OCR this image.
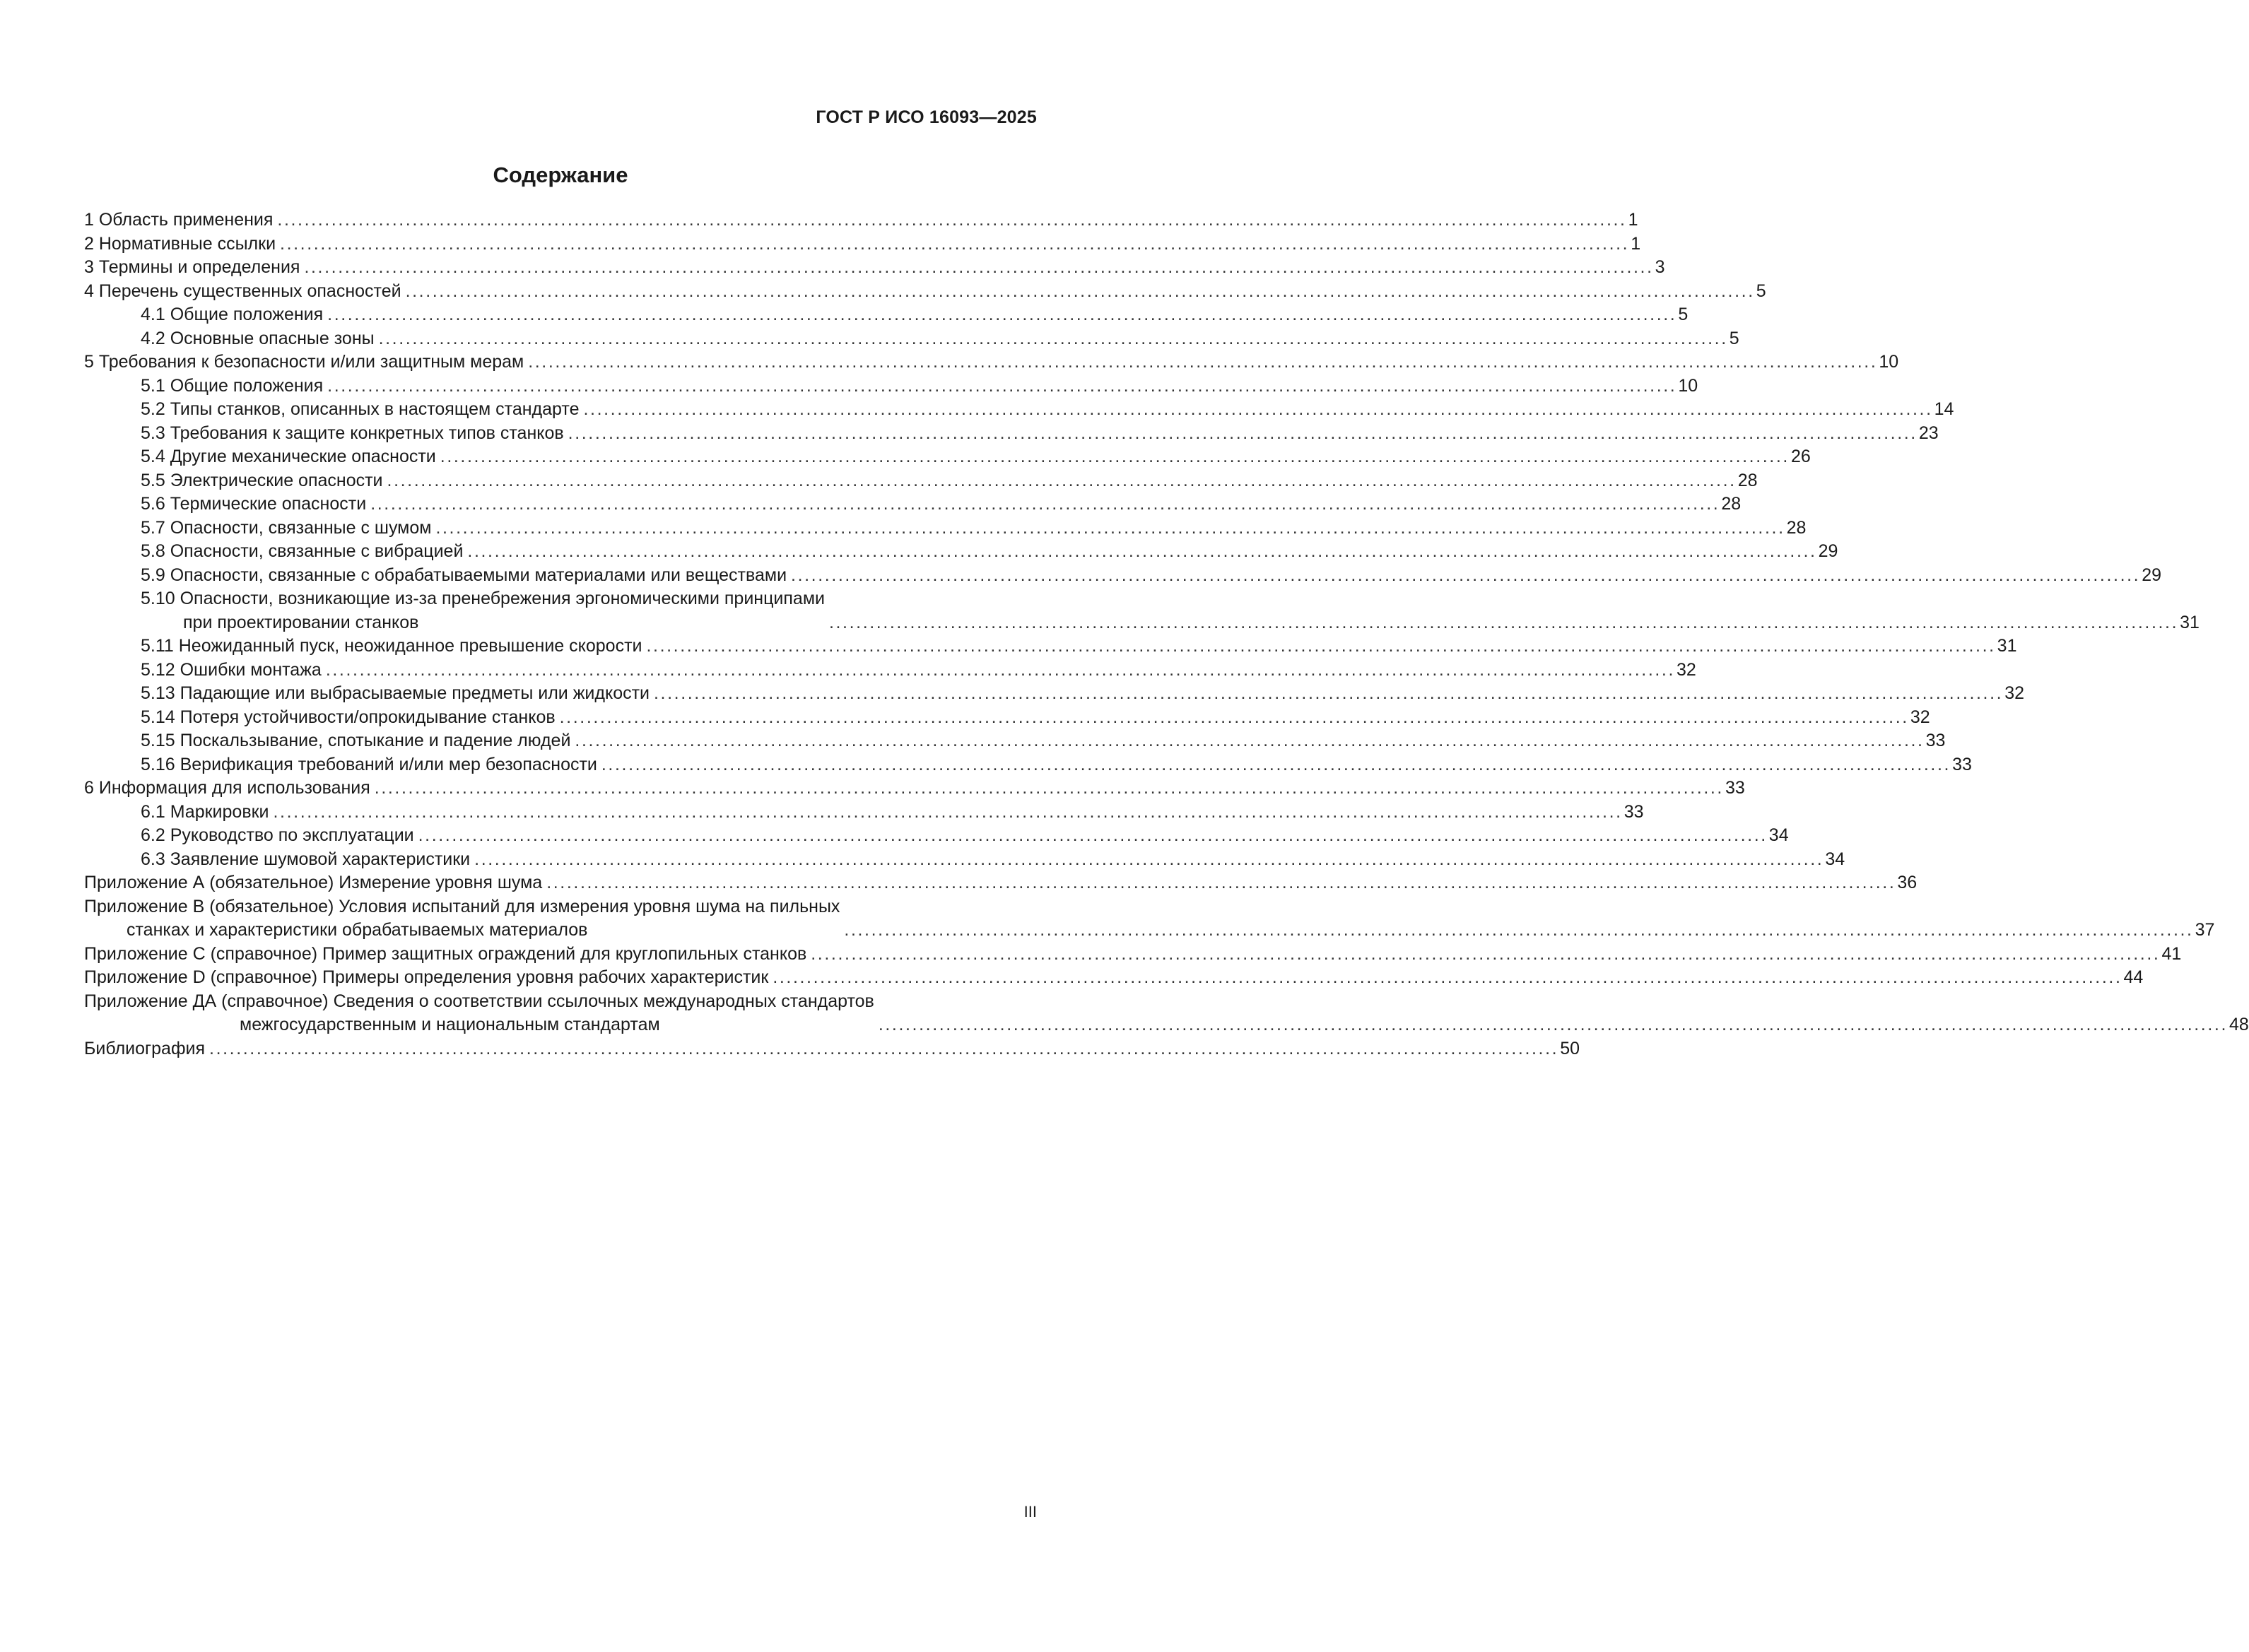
ГОСТ Р ИСО 16093—2025
Содержание
1 Область применения ........................................................................................................................................................................................................ 1
2 Нормативные ссылки ........................................................................................................................................................................................................ 1
3 Термины и определения ........................................................................................................................................................................................................ 3
4 Перечень существенных опасностей ........................................................................................................................................................................................................ 5
4.1 Общие положения ........................................................................................................................................................................................................ 5
4.2 Основные опасные зоны ........................................................................................................................................................................................................ 5
5 Требования к безопасности и/или защитным мерам ........................................................................................................................................................................................................ 10
5.1 Общие положения ........................................................................................................................................................................................................ 10
5.2 Типы станков, описанных в настоящем стандарте ........................................................................................................................................................................................................ 14
5.3 Требования к защите конкретных типов станков ........................................................................................................................................................................................................ 23
5.4 Другие механические опасности ........................................................................................................................................................................................................ 26
5.5 Электрические опасности ........................................................................................................................................................................................................ 28
5.6 Термические опасности ........................................................................................................................................................................................................ 28
5.7 Опасности, связанные с шумом ........................................................................................................................................................................................................ 28
5.8 Опасности, связанные с вибрацией ........................................................................................................................................................................................................ 29
5.9 Опасности, связанные с обрабатываемыми материалами или веществами ........................................................................................................................................................................................................ 29
5.10 Опасности, возникающие из-за пренебрежения эргономическими принципами
при проектировании станков	........................................................................................................................................................................................................ 31
5.11 Неожиданный пуск, неожиданное превышение скорости ........................................................................................................................................................................................................ 31
5.12 Ошибки монтажа ........................................................................................................................................................................................................ 32
5.13 Падающие или выбрасываемые предметы или жидкости ........................................................................................................................................................................................................ 32
5.14 Потеря устойчивости/опрокидывание станков ........................................................................................................................................................................................................ 32
5.15 Поскальзывание, спотыкание и падение людей ........................................................................................................................................................................................................ 33
5.16 Верификация требований и/или мер безопасности ........................................................................................................................................................................................................ 33
6 Информация для использования ........................................................................................................................................................................................................ 33
6.1 Маркировки ........................................................................................................................................................................................................ 33
6.2 Руководство по эксплуатации ........................................................................................................................................................................................................ 34
6.3 Заявление шумовой характеристики ........................................................................................................................................................................................................ 34
Приложение А (обязательное) Измерение уровня шума ........................................................................................................................................................................................................ 36
Приложение В (обязательное) Условия испытаний для измерения уровня шума на пильных
станках и характеристики обрабатываемых материалов	........................................................................................................................................................................................................ 37
Приложение С (справочное) Пример защитных ограждений для круглопильных станков ........................................................................................................................................................................................................ 41
Приложение D (справочное) Примеры определения уровня рабочих характеристик ........................................................................................................................................................................................................ 44
Приложение ДА (справочное) Сведения о соответствии ссылочных международных стандартов
межгосударственным и национальным стандартам	........................................................................................................................................................................................................ 48
Библиография ........................................................................................................................................................................................................ 50
III
